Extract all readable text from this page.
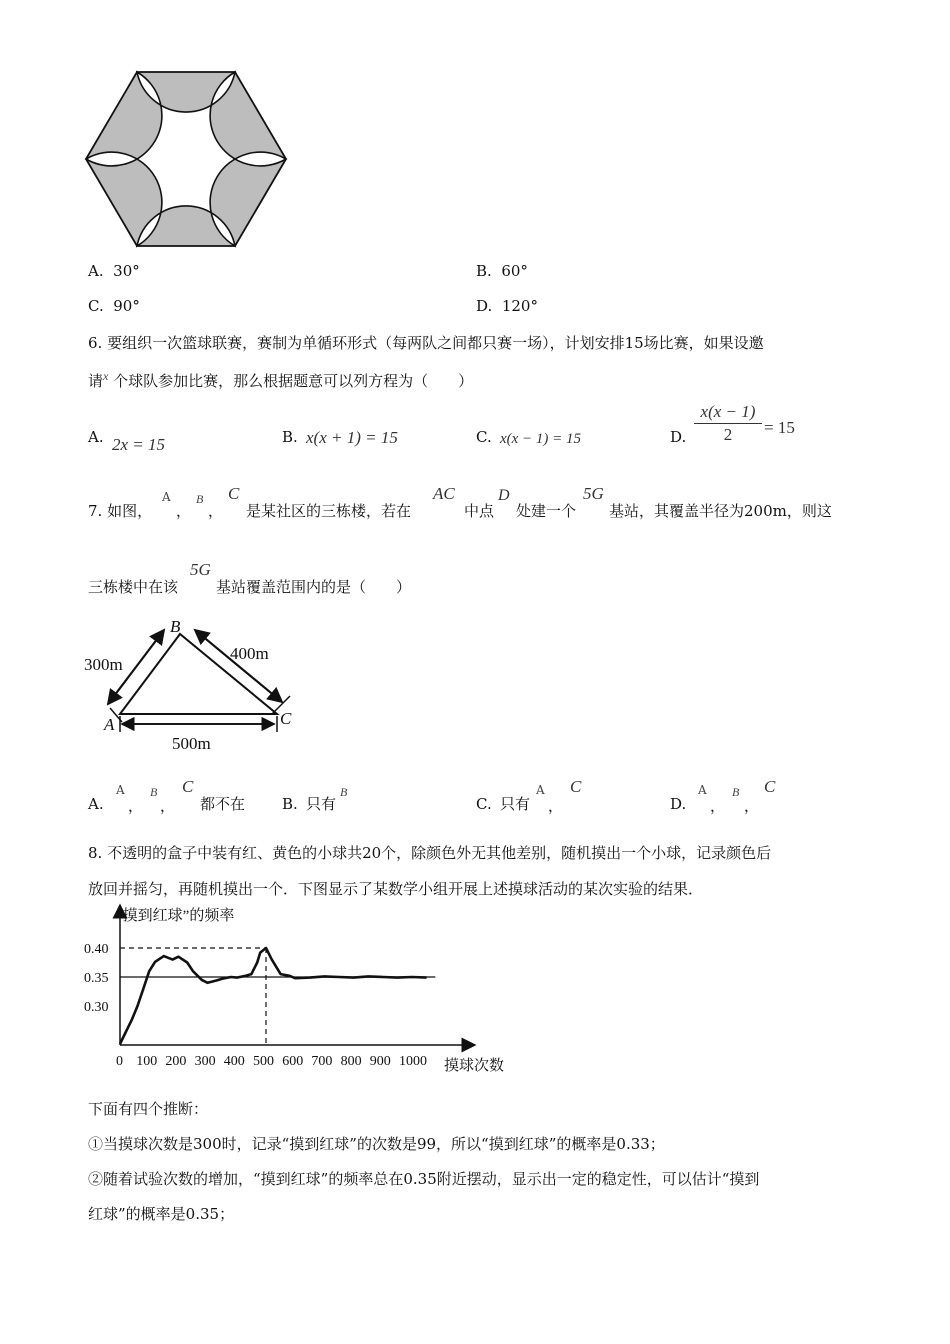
A. 30°	B. 60°
C. 90°	D. 120°
6. 要组织一次篮球联赛，赛制为单循环形式（每两队之间都只赛一场），计划安排15场比赛，如果设邀
请$^x$ 个球队参加比赛，那么根据题意可以列方程为（　　）
A. 2x = 15	B. x(x + 1) = 15	C. x(x − 1) = 15	D.
x(x − 1)
2	= 15
7. 如图，
A
，
B
，
C
是某社区的三栋楼，若在
AC
中点
D
处建一个
5G
基站，其覆盖半径为200m，则这
三栋楼中在该
5G
基站覆盖范围内的是（　　）
300m
400m
500m
A
B
C
A.
A
，
B
，
C
都不在 B. 只有
B
C. 只有
A
，
C
D.
A
，
B
，
C
8. 不透明的盒子中装有红、黄色的小球共20个，除颜色外无其他差别，随机摸出一个小球，记录颜色后
放回并摇匀，再随机摸出一个．下图显示了某数学小组开展上述摸球活动的某次实验的结果．
“摸到红球”的频率
摸球次数
0 100 200 300 400 500 600 700 800 900 1000
0.30
0.35
0.40
下面有四个推断：
①当摸球次数是300时，记录“摸到红球”的次数是99，所以“摸到红球”的概率是0.33；
②随着试验次数的增加，“摸到红球”的频率总在0.35附近摆动，显示出一定的稳定性，可以估计“摸到
红球”的概率是0.35；
